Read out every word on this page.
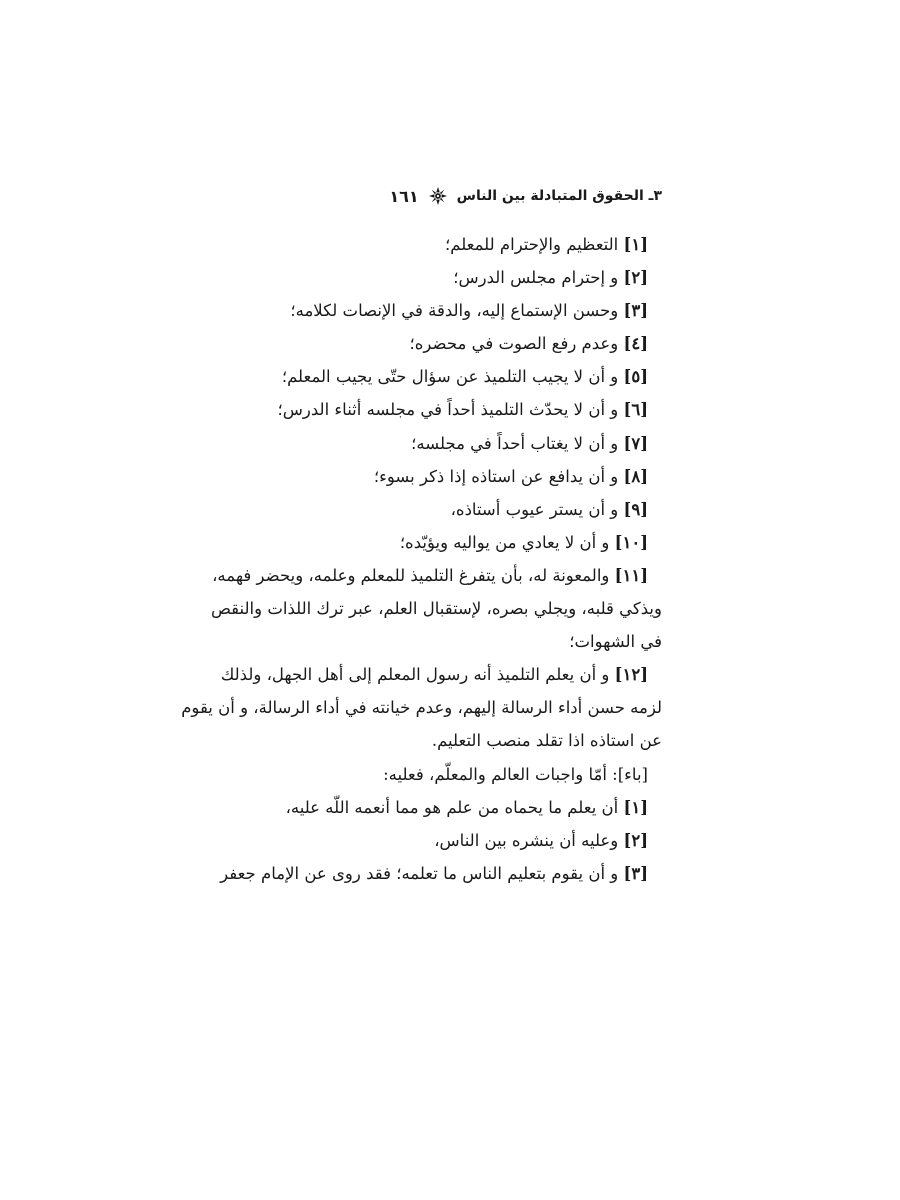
٣ـ الحقوق المتبادلة بين الناس
١٦١
[١] التعظيم والإحترام للمعلم؛
[٢] و إحترام مجلس الدرس؛
[٣] وحسن الإستماع إليه، والدقة في الإنصات لكلامه؛
[٤] وعدم رفع الصوت في محضره؛
[٥] و أن لا يجيب التلميذ عن سؤال حتّى يجيب المعلم؛
[٦] و أن لا يحدّث التلميذ أحداً في مجلسه أثناء الدرس؛
[٧] و أن لا يغتاب أحداً في مجلسه؛
[٨] و أن يدافع عن استاذه إذا ذكر بسوء؛
[٩] و أن يستر عيوب أستاذه،
[١٠] و أن لا يعادي من يواليه ويؤيّده؛
[١١] والمعونة له، بأن يتفرغ التلميذ للمعلم وعلمه، ويحضر فهمه،
ويذكي قلبه، ويجلي بصره، لإستقبال العلم، عبر ترك اللذات والنقص
في الشهوات؛
[١٢] و أن يعلم التلميذ أنه رسول المعلم إلى أهل الجهل، ولذلك
لزمه حسن أداء الرسالة إليهم، وعدم خيانته في أداء الرسالة، و أن يقوم
عن استاذه اذا تقلد منصب التعليم.
[باء]: أمّا واجبات العالم والمعلّم، فعليه:
[١] أن يعلم ما يحماه من علم هو مما أنعمه اللّه عليه،
[٢] وعليه أن ينشره بين الناس،
[٣] و أن يقوم بتعليم الناس ما تعلمه؛ فقد روى عن الإمام جعفر
